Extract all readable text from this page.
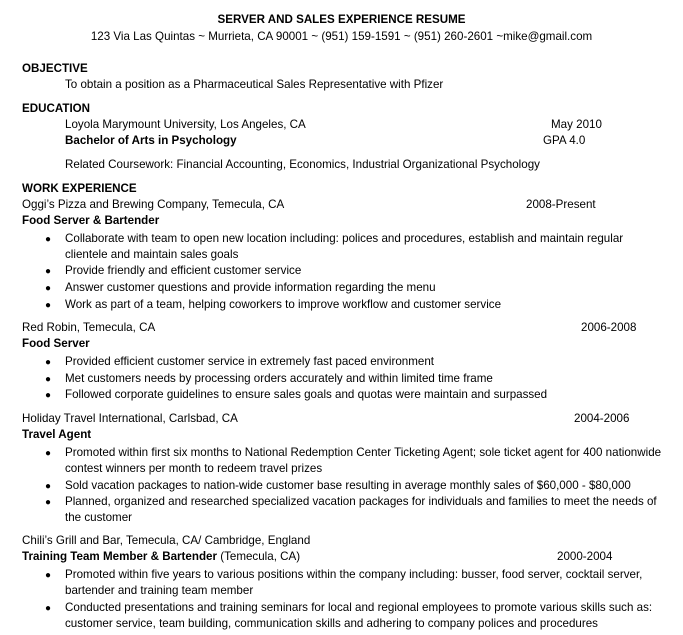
SERVER AND SALES EXPERIENCE RESUME
123 Via Las Quintas ~ Murrieta, CA 90001 ~ (951) 159-1591 ~ (951) 260-2601 ~mike@gmail.com
OBJECTIVE
To obtain a position as a Pharmaceutical Sales Representative with Pfizer
EDUCATION
Loyola Marymount University, Los Angeles, CA	May 2010
Bachelor of Arts in Psychology	GPA 4.0
Related Coursework: Financial Accounting, Economics, Industrial Organizational Psychology
WORK EXPERIENCE
Oggi’s Pizza and Brewing Company, Temecula, CA	2008-Present
Food Server & Bartender
● Collaborate with team to open new location including: polices and procedures, establish and maintain regular clientele and maintain sales goals
● Provide friendly and efficient customer service
● Answer customer questions and provide information regarding the menu
● Work as part of a team, helping coworkers to improve workflow and customer service
Red Robin, Temecula, CA	2006-2008
Food Server
● Provided efficient customer service in extremely fast paced environment
● Met customers needs by processing orders accurately and within limited time frame
● Followed corporate guidelines to ensure sales goals and quotas were maintain and surpassed
Holiday Travel International, Carlsbad, CA	2004-2006
Travel Agent
● Promoted within first six months to National Redemption Center Ticketing Agent; sole ticket agent for 400 nationwide contest winners per month to redeem travel prizes
● Sold vacation packages to nation-wide customer base resulting in average monthly sales of $60,000 - $80,000
● Planned, organized and researched specialized vacation packages for individuals and families to meet the needs of the customer
Chili’s Grill and Bar, Temecula, CA/ Cambridge, England
2000-2004
Training Team Member & Bartender (Temecula, CA)
● Promoted within five years to various positions within the company including: busser, food server, cocktail server, bartender and training team member
● Conducted presentations and training seminars for local and regional employees to promote various skills such as: customer service, team building, communication skills and adhering to company polices and procedures
